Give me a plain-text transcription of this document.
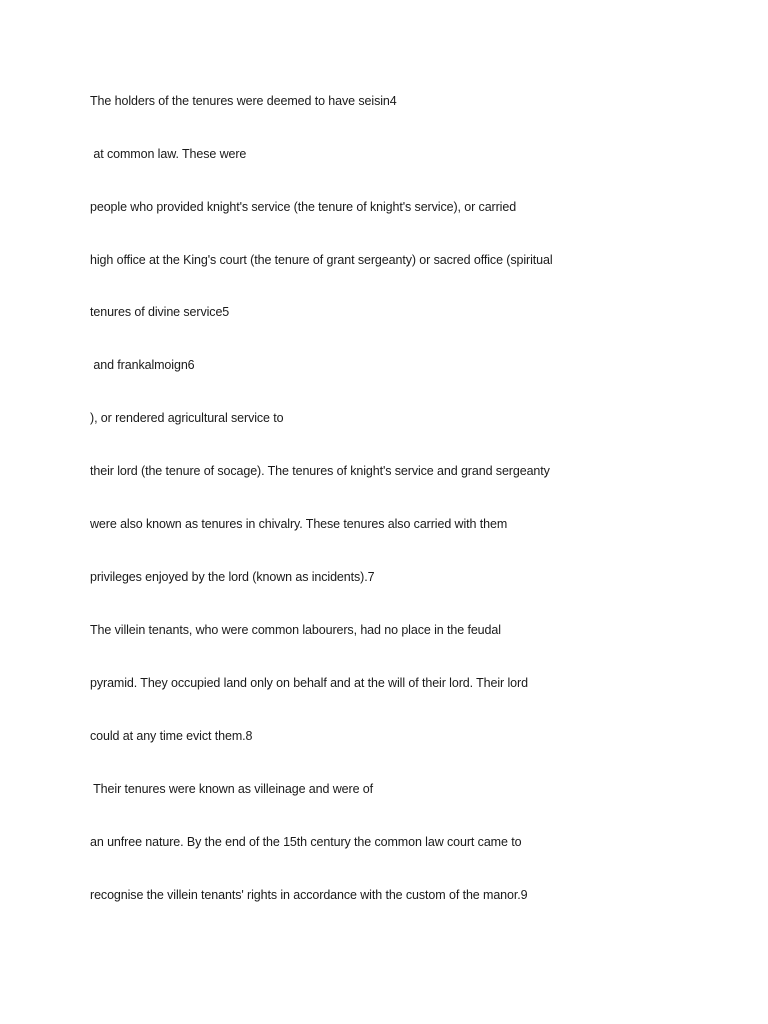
The holders of the tenures were deemed to have seisin4

at common law. These were

people who provided knight's service (the tenure of knight's service), or carried

high office at the King's court (the tenure of grant sergeanty) or sacred office (spiritual

tenures of divine service5

and frankalmoign6

), or rendered agricultural service to

their lord (the tenure of socage). The tenures of knight's service and grand sergeanty

were also known as tenures in chivalry. These tenures also carried with them

privileges enjoyed by the lord (known as incidents).7

The villein tenants, who were common labourers, had no place in the feudal

pyramid. They occupied land only on behalf and at the will of their lord. Their lord

could at any time evict them.8

Their tenures were known as villeinage and were of

an unfree nature. By the end of the 15th century the common law court came to

recognise the villein tenants' rights in accordance with the custom of the manor.9
